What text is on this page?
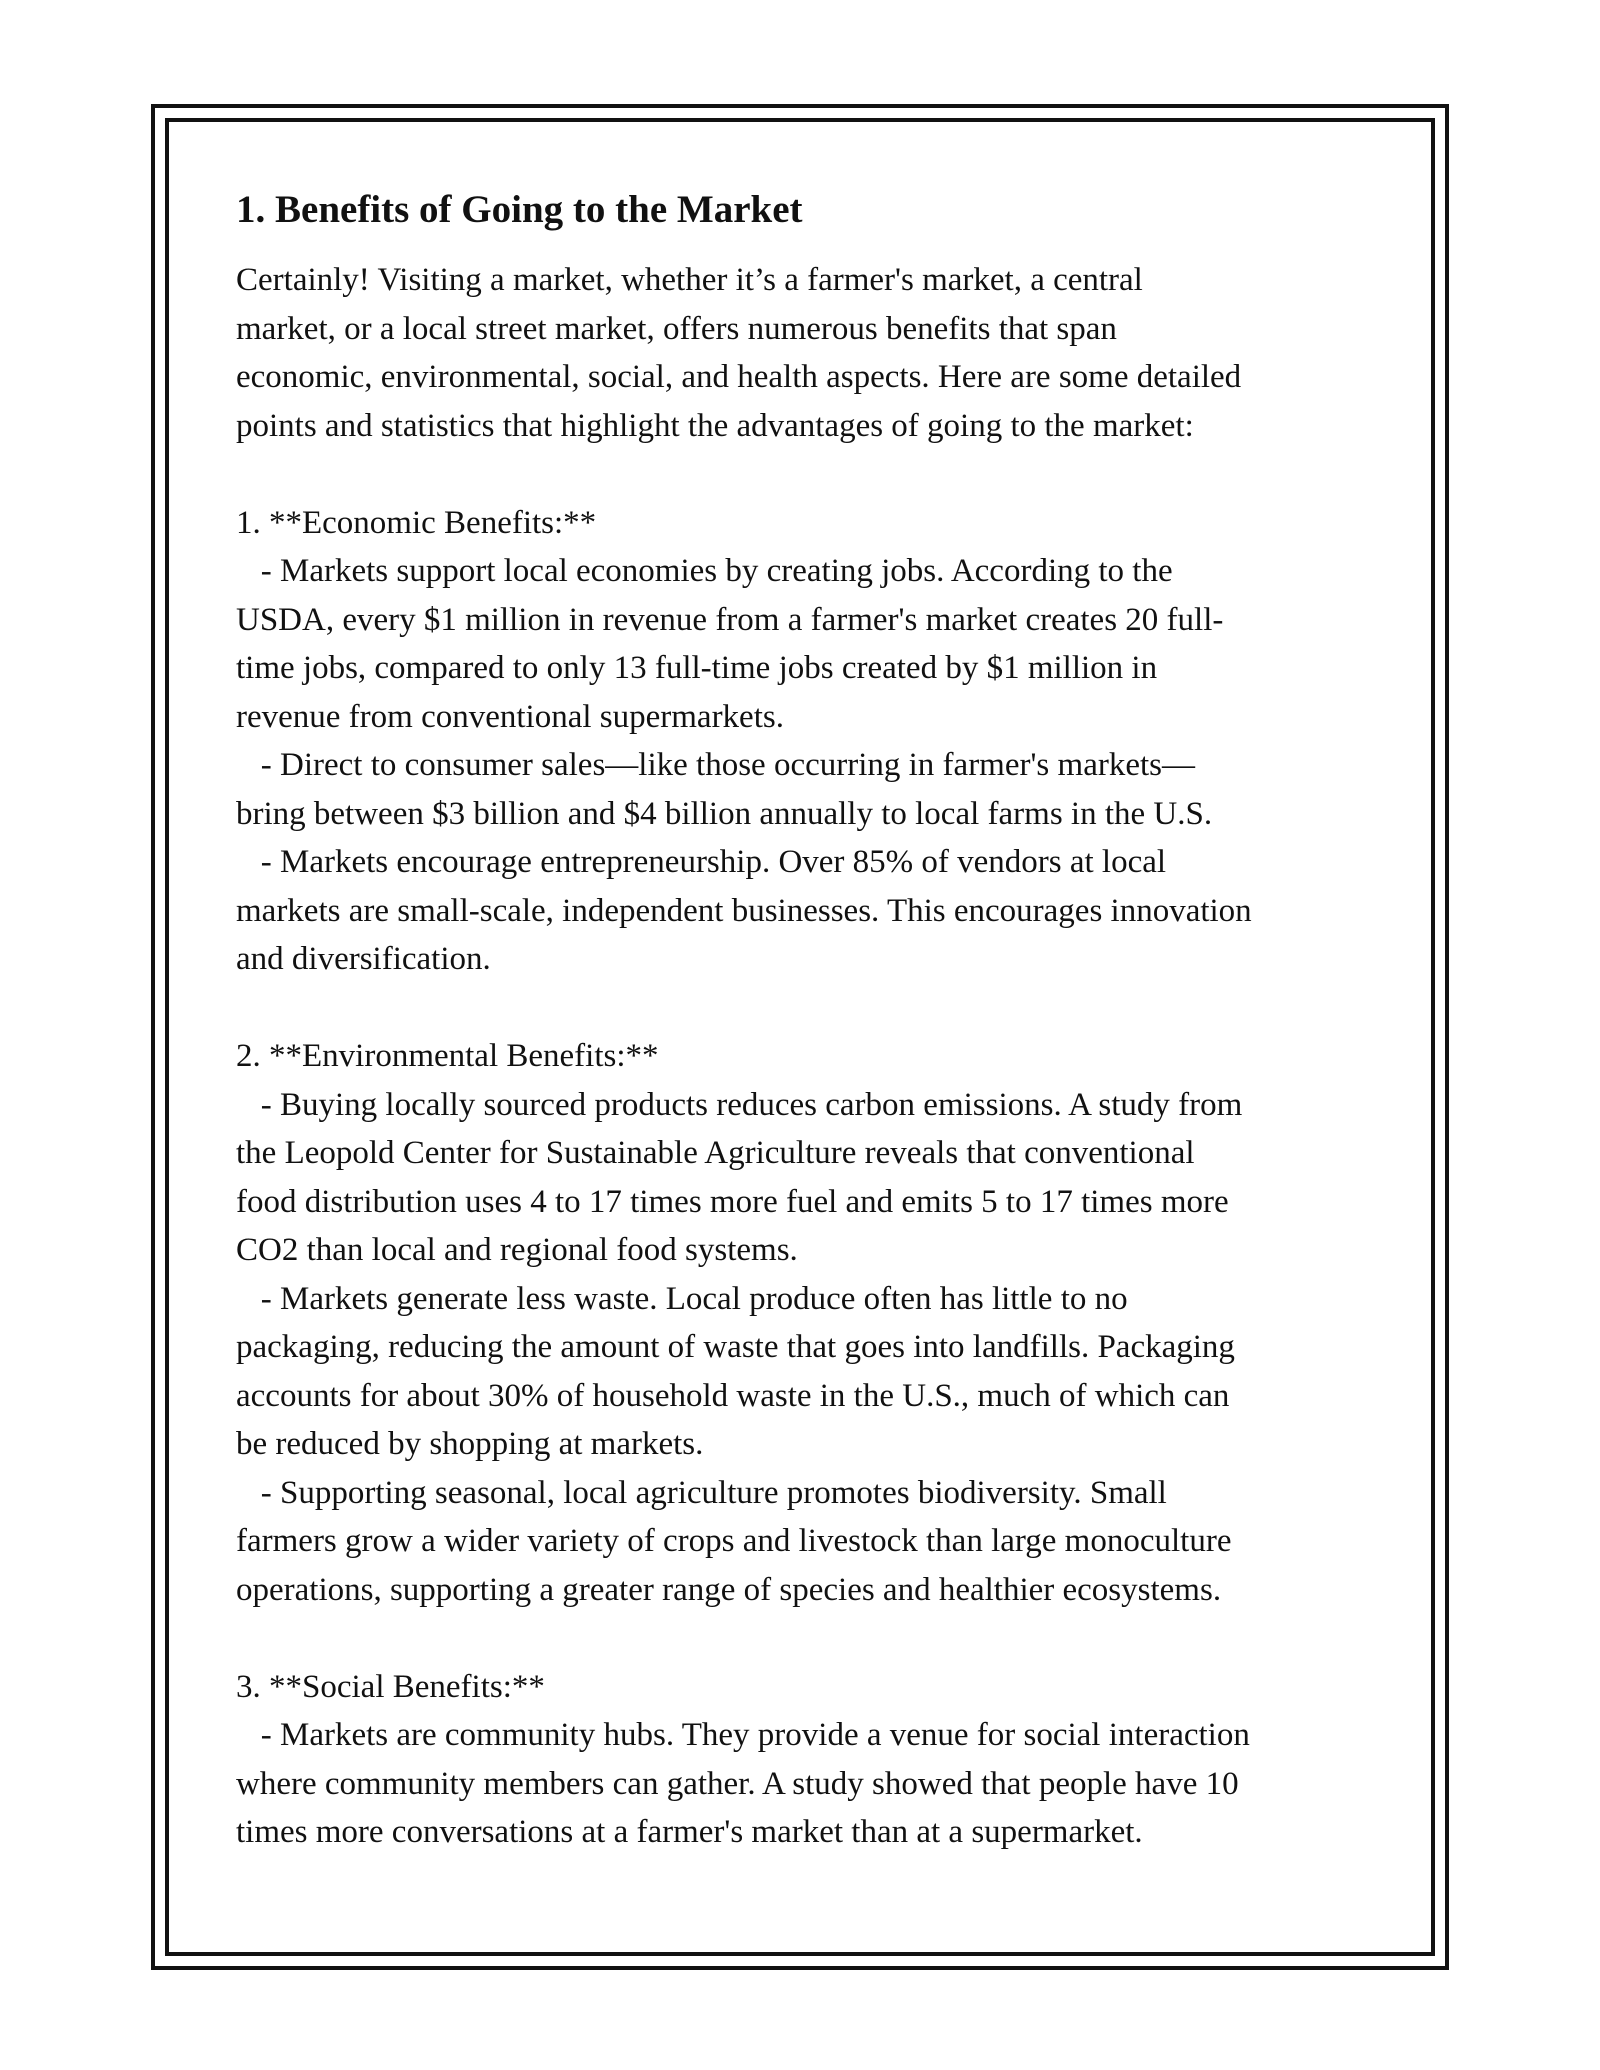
1. Benefits of Going to the Market

Certainly! Visiting a market, whether it’s a farmer's market, a central
market, or a local street market, offers numerous benefits that span
economic, environmental, social, and health aspects. Here are some detailed
points and statistics that highlight the advantages of going to the market:

1. **Economic Benefits:**
- Markets support local economies by creating jobs. According to the
USDA, every $1 million in revenue from a farmer's market creates 20 full-
time jobs, compared to only 13 full-time jobs created by $1 million in
revenue from conventional supermarkets.
- Direct to consumer sales—like those occurring in farmer's markets—
bring between $3 billion and $4 billion annually to local farms in the U.S.
- Markets encourage entrepreneurship. Over 85% of vendors at local
markets are small-scale, independent businesses. This encourages innovation
and diversification.

2. **Environmental Benefits:**
- Buying locally sourced products reduces carbon emissions. A study from
the Leopold Center for Sustainable Agriculture reveals that conventional
food distribution uses 4 to 17 times more fuel and emits 5 to 17 times more
CO2 than local and regional food systems.
- Markets generate less waste. Local produce often has little to no
packaging, reducing the amount of waste that goes into landfills. Packaging
accounts for about 30% of household waste in the U.S., much of which can
be reduced by shopping at markets.
- Supporting seasonal, local agriculture promotes biodiversity. Small
farmers grow a wider variety of crops and livestock than large monoculture
operations, supporting a greater range of species and healthier ecosystems.

3. **Social Benefits:**
- Markets are community hubs. They provide a venue for social interaction
where community members can gather. A study showed that people have 10
times more conversations at a farmer's market than at a supermarket.
